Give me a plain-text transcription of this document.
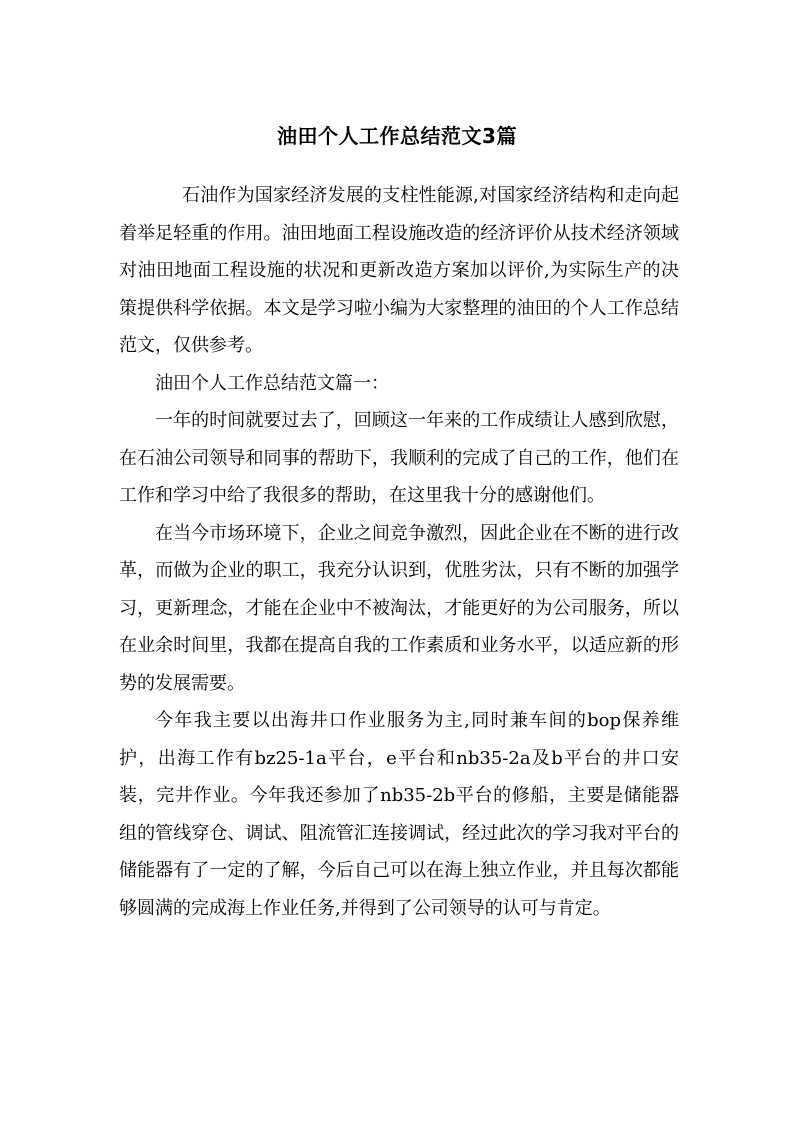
油田个人工作总结范文3篇

石油作为国家经济发展的支柱性能源,对国家经济结构和走向起着举足轻重的作用。油田地面工程设施改造的经济评价从技术经济领域对油田地面工程设施的状况和更新改造方案加以评价,为实际生产的决策提供科学依据。本文是学习啦小编为大家整理的油田的个人工作总结范文，仅供参考。

油田个人工作总结范文篇一：

一年的时间就要过去了，回顾这一年来的工作成绩让人感到欣慰，在石油公司领导和同事的帮助下，我顺利的完成了自己的工作，他们在工作和学习中给了我很多的帮助，在这里我十分的感谢他们。

在当今市场环境下，企业之间竞争激烈，因此企业在不断的进行改革，而做为企业的职工，我充分认识到，优胜劣汰，只有不断的加强学习，更新理念，才能在企业中不被淘汰，才能更好的为公司服务，所以在业余时间里，我都在提高自我的工作素质和业务水平，以适应新的形势的发展需要。

今年我主要以出海井口作业服务为主,同时兼车间的bop保养维护，出海工作有bz25-1a平台，e平台和nb35-2a及b平台的井口安装，完井作业。今年我还参加了nb35-2b平台的修船，主要是储能器组的管线穿仓、调试、阻流管汇连接调试，经过此次的学习我对平台的储能器有了一定的了解，今后自己可以在海上独立作业，并且每次都能够圆满的完成海上作业任务,并得到了公司领导的认可与肯定。
